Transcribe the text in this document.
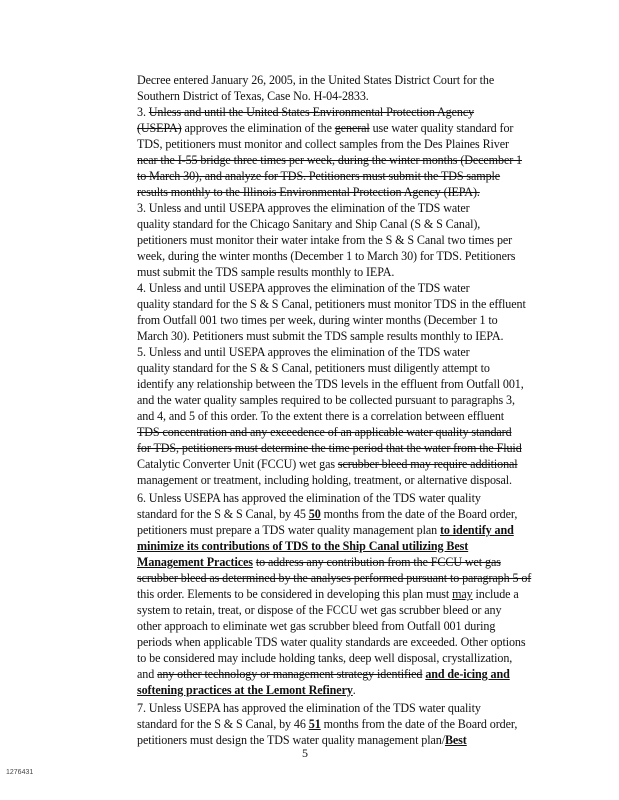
Decree entered January 26, 2005, in the United States District Court for the
Southern District of Texas, Case No. H-04-2833.
3. Unless and until the United States Environmental Protection Agency
(USEPA) approves the elimination of the general use water quality standard for
TDS, petitioners must monitor and collect samples from the Des Plaines River
near the I-55 bridge three times per week, during the winter months (December 1
to March 30), and analyze for TDS. Petitioners must submit the TDS sample
results monthly to the Illinois Environmental Protection Agency (IEPA).
3. Unless and until USEPA approves the elimination of the TDS water
quality standard for the Chicago Sanitary and Ship Canal (S & S Canal),
petitioners must monitor their water intake from the S & S Canal two times per
week, during the winter months (December 1 to March 30) for TDS. Petitioners
must submit the TDS sample results monthly to IEPA.
4. Unless and until USEPA approves the elimination of the TDS water
quality standard for the S & S Canal, petitioners must monitor TDS in the effluent
from Outfall 001 two times per week, during winter months (December 1 to
March 30). Petitioners must submit the TDS sample results monthly to IEPA.
5. Unless and until USEPA approves the elimination of the TDS water
quality standard for the S & S Canal, petitioners must diligently attempt to
identify any relationship between the TDS levels in the effluent from Outfall 001,
and the water quality samples required to be collected pursuant to paragraphs 3,
and 4, and 5 of this order. To the extent there is a correlation between effluent
TDS concentration and any exceedence of an applicable water quality standard
for TDS, petitioners must determine the time period that the water from the Fluid
Catalytic Converter Unit (FCCU) wet gas scrubber bleed may require additional
management or treatment, including holding, treatment, or alternative disposal.
6. Unless USEPA has approved the elimination of the TDS water quality
standard for the S & S Canal, by 45 50 months from the date of the Board order,
petitioners must prepare a TDS water quality management plan to identify and
minimize its contributions of TDS to the Ship Canal utilizing Best
Management Practices to address any contribution from the FCCU wet gas
scrubber bleed as determined by the analyses performed pursuant to paragraph 5 of
this order. Elements to be considered in developing this plan must may include a
system to retain, treat, or dispose of the FCCU wet gas scrubber bleed or any
other approach to eliminate wet gas scrubber bleed from Outfall 001 during
periods when applicable TDS water quality standards are exceeded. Other options
to be considered may include holding tanks, deep well disposal, crystallization,
and any other technology or management strategy identified and de-icing and
softening practices at the Lemont Refinery.
7. Unless USEPA has approved the elimination of the TDS water quality
standard for the S & S Canal, by 46 51 months from the date of the Board order,
petitioners must design the TDS water quality management plan/Best
5
1276431
